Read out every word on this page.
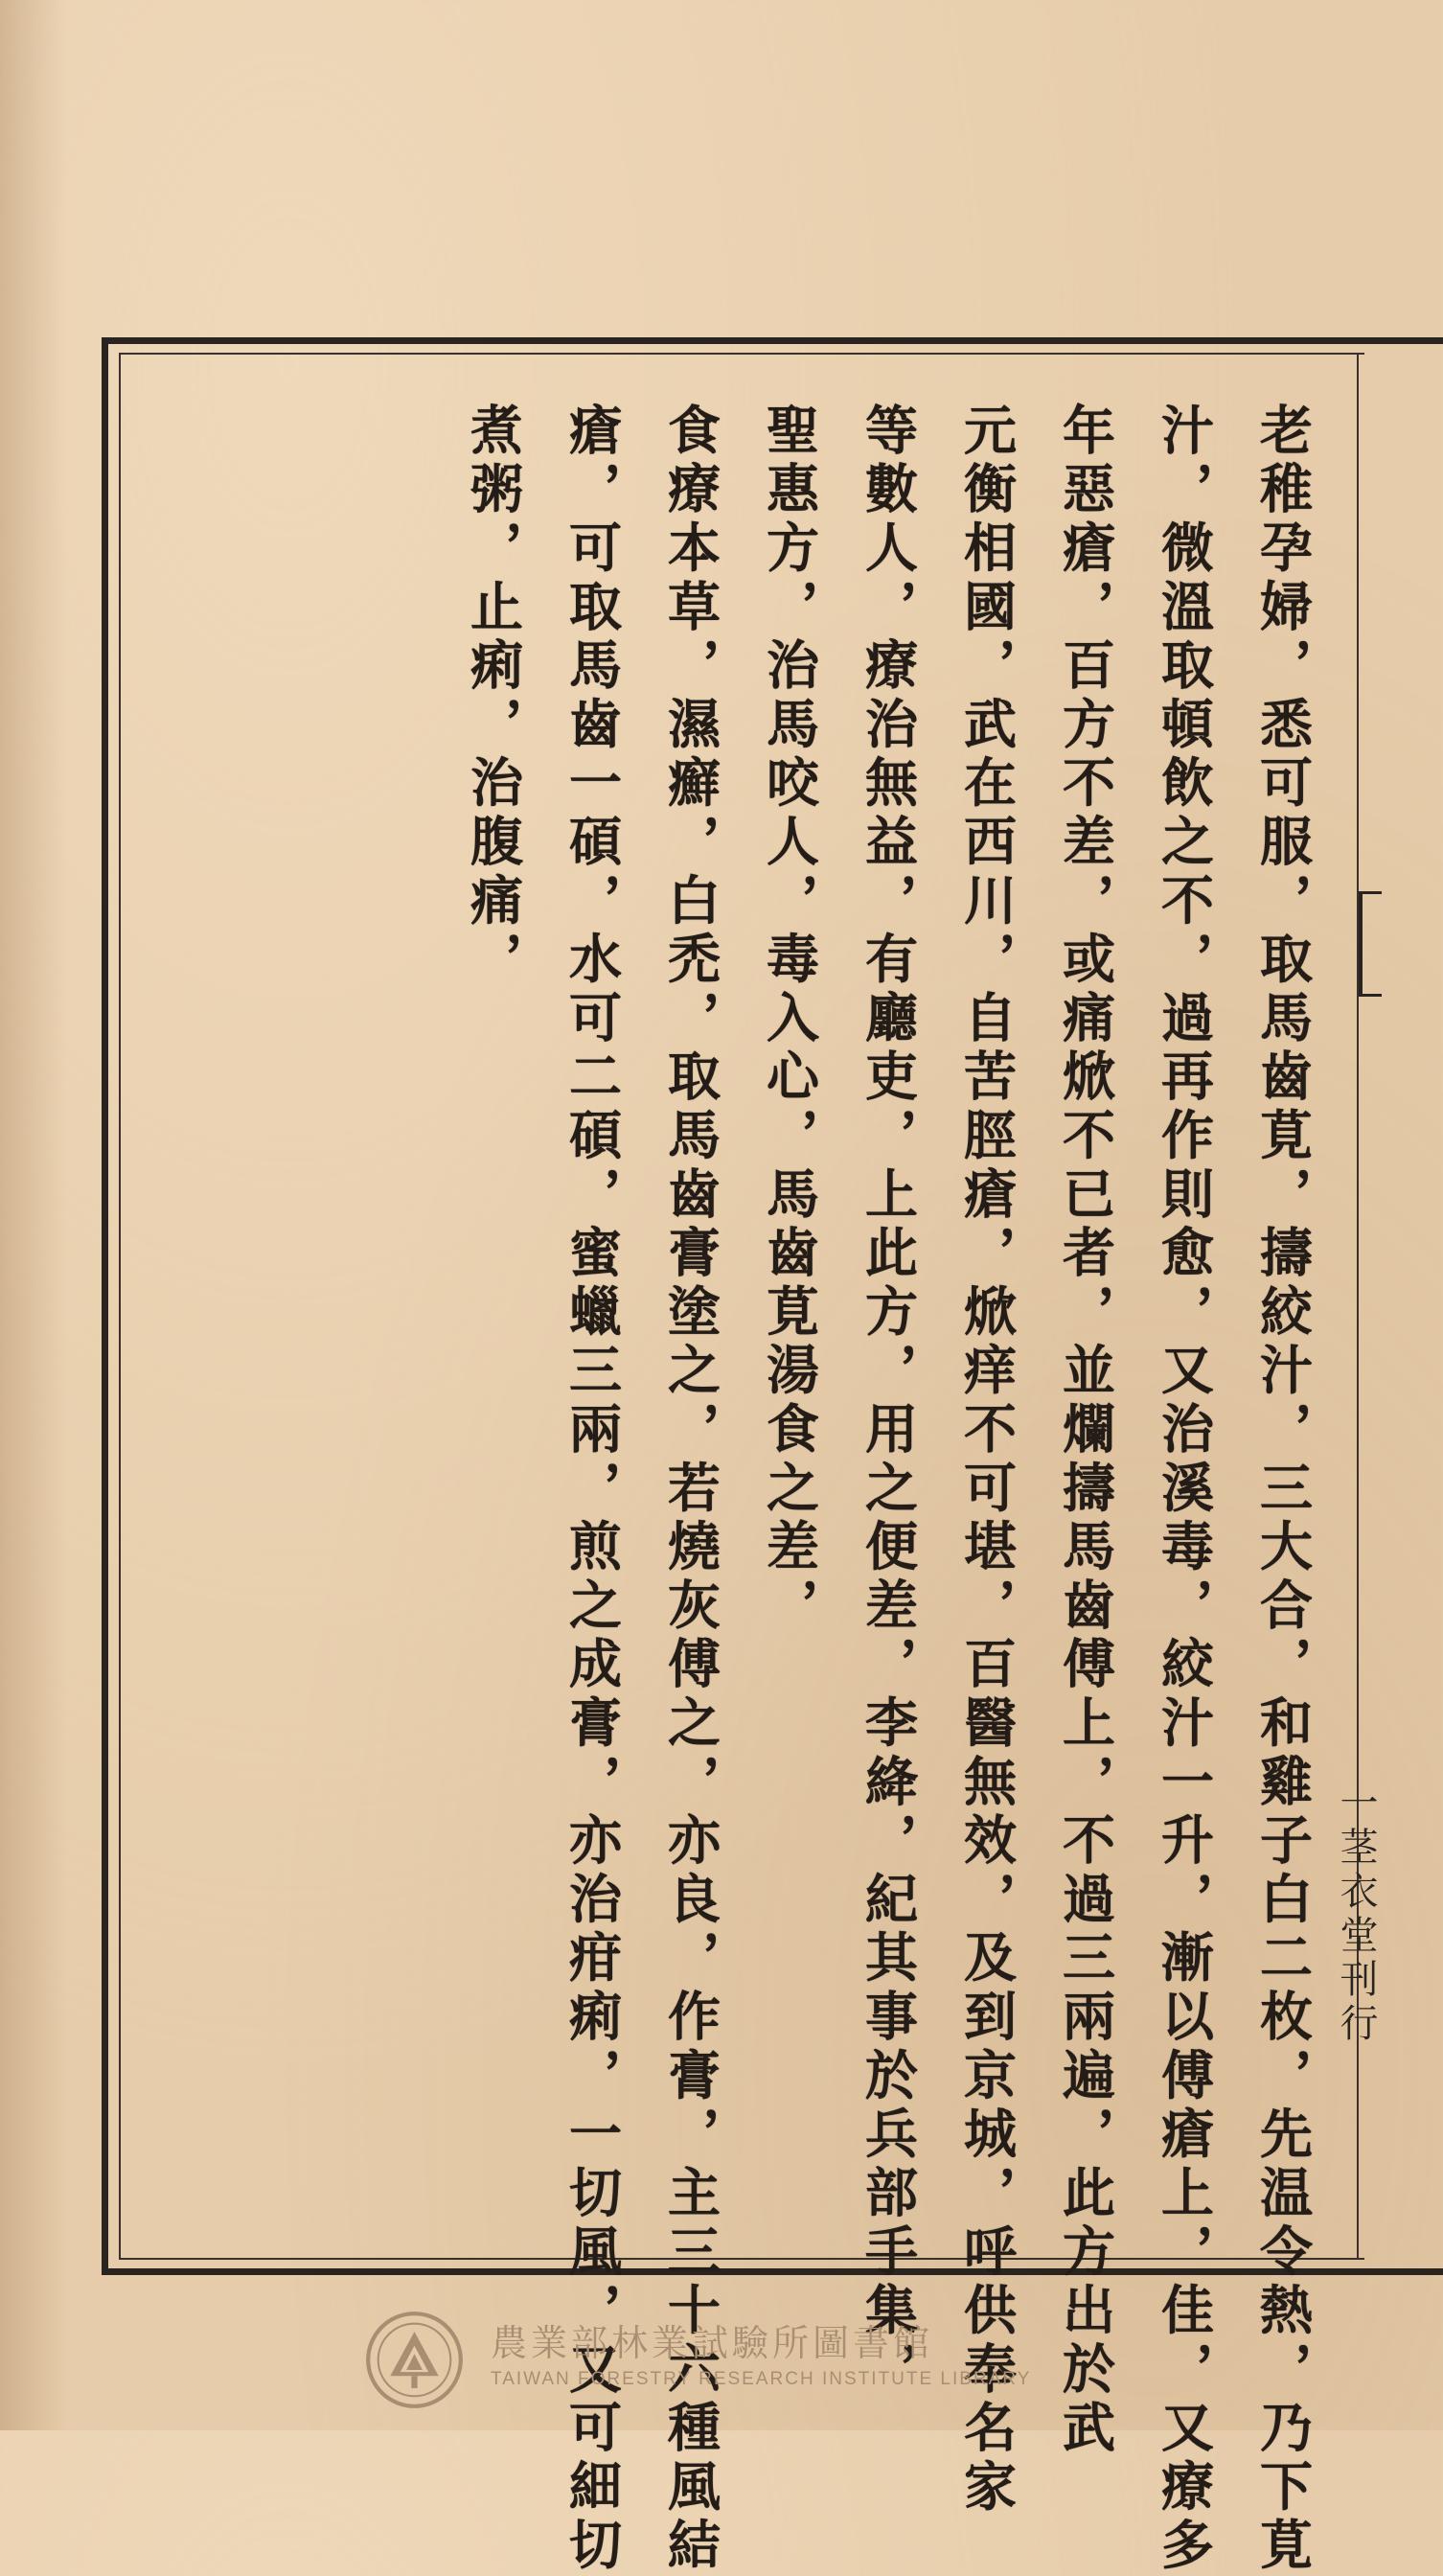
一茎衣堂刊行
老稚孕婦，悉可服，取馬齒莧，擣絞汁，三大合，和雞子白二枚，先温令熱，乃下莧
汁，微溫取頓飲之不，過再作則愈，又治溪毒，絞汁一升，漸以傅瘡上，佳，又療多
年惡瘡，百方不差，或痛焮不已者，並爛擣馬齒傅上，不過三兩遍，此方出於武
元衡相國，武在西川，自苦脛瘡，焮痒不可堪，百醫無效，及到京城，呼供奉名家
等數人，療治無益，有廳吏，上此方，用之便差，李絳，紀其事於兵部手集，
聖惠方，治馬咬人，毒入心，馬齒莧湯食之差，
食療本草，濕癬，白禿，取馬齒膏塗之，若燒灰傅之，亦良，作膏，主三十六種風結
瘡，可取馬齒一碩，水可二碩，蜜蠟三兩，煎之成膏，亦治疳痢，一切風，又可細切
煮粥，止痢，治腹痛，
農業部林業試驗所圖書館
TAIWAN FORESTRY RESEARCH INSTITUTE LIBRARY
